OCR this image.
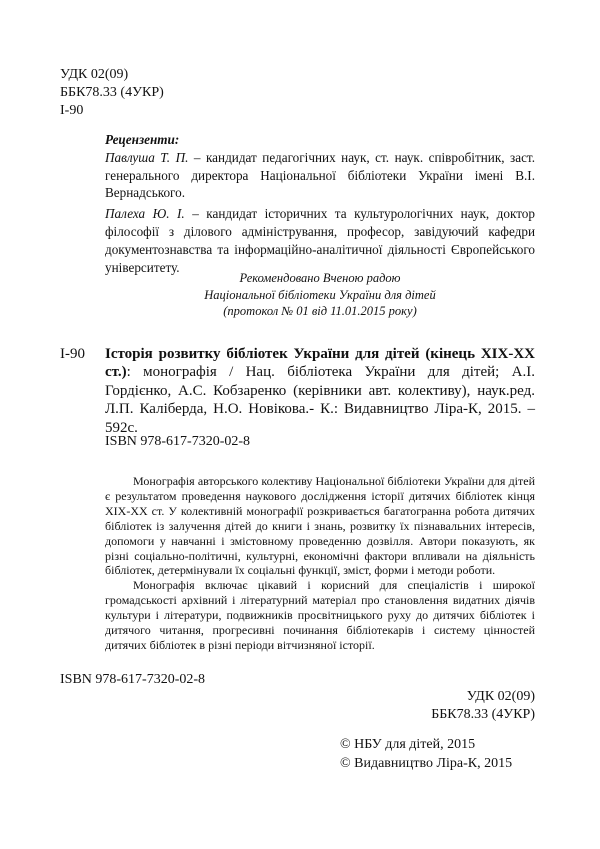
УДК 02(09)
ББК78.33 (4УКР)
І-90

Рецензенти:

Павлуша Т. П. – кандидат педагогічних наук, ст. наук. співробітник, заст. генерального директора Національної бібліотеки України імені В.І. Вернадського.

Палеха Ю. І. – кандидат історичних та культурологічних наук, доктор філософії з ділового адміністрування, професор, завідуючий кафедри документознавства та інформаційно-аналітичної діяльності Європейського університету.

Рекомендовано Вченою радою
Національної бібліотеки України для дітей
(протокол № 01 від 11.01.2015 року)
І-90 Історія розвитку бібліотек України для дітей (кінець ХІХ-ХХ ст.): монографія / Нац. бібліотека України для дітей; А.І. Гордієнко, А.С. Кобзаренко (керівники авт. колективу), наук.ред. Л.П. Каліберда, Н.О. Новікова.- К.: Видавництво Ліра-К, 2015. – 592с.
ISBN 978-617-7320-02-8

Монографія авторського колективу Національної бібліотеки України для дітей є результатом проведення наукового дослідження історії дитячих бібліотек кінця ХІХ-ХХ ст. У колективній монографії розкривається багатогранна робота дитячих бібліотек із залучення дітей до книги і знань, розвитку їх пізнавальних інтересів, допомоги у навчанні і змістовному проведенню дозвілля. Автори показують, як різні соціально-політичні, культурні, економічні фактори впливали на діяльність бібліотек, детермінували їх соціальні функції, зміст, форми і методи роботи.

Монографія включає цікавий і корисний для спеціалістів і широкої громадськості архівний і літературний матеріал про становлення видатних діячів культури і літератури, подвижників просвітницького руху до дитячих бібліотек і дитячого читання, прогресивні починання бібліотекарів і систему цінностей дитячих бібліотек в різні періоди вітчизняної історії.

ISBN 978-617-7320-02-8
УДК 02(09)
ББК78.33 (4УКР)
© НБУ для дітей, 2015
© Видавництво Ліра-К, 2015
